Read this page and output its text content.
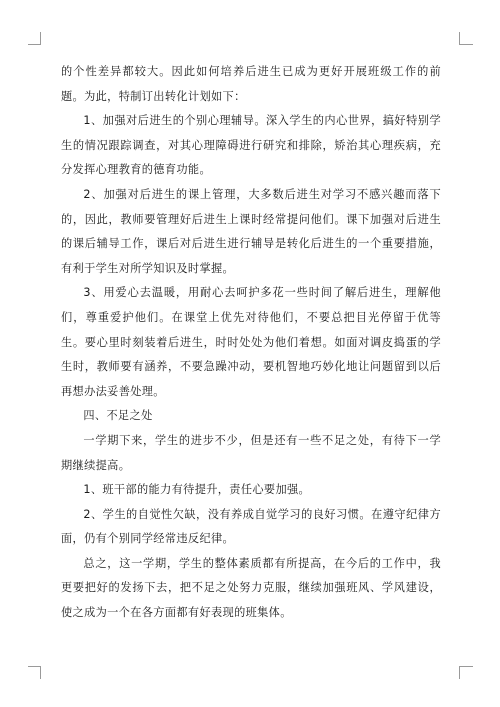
的个性差异都较大。因此如何培养后进生已成为更好开展班级工作的前题。为此，特制订出转化计划如下：

1、加强对后进生的个别心理辅导。深入学生的内心世界，搞好特别学生的情况跟踪调查，对其心理障碍进行研究和排除，矫治其心理疾病，充分发挥心理教育的德育功能。

2、加强对后进生的课上管理，大多数后进生对学习不感兴趣而落下的，因此，教师要管理好后进生上课时经常提问他们。课下加强对后进生的课后辅导工作，课后对后进生进行辅导是转化后进生的一个重要措施，有利于学生对所学知识及时掌握。

3、用爱心去温暖，用耐心去呵护多花一些时间了解后进生，理解他们，尊重爱护他们。在课堂上优先对待他们，不要总把目光停留于优等生。要心里时刻装着后进生，时时处处为他们着想。如面对调皮捣蛋的学生时，教师要有涵养，不要急躁冲动，要机智地巧妙化地让问题留到以后再想办法妥善处理。

四、不足之处

一学期下来，学生的进步不少，但是还有一些不足之处，有待下一学期继续提高。

1、班干部的能力有待提升，责任心要加强。

2、学生的自觉性欠缺，没有养成自觉学习的良好习惯。在遵守纪律方面，仍有个别同学经常违反纪律。

总之，这一学期，学生的整体素质都有所提高，在今后的工作中，我更要把好的发扬下去，把不足之处努力克服，继续加强班风、学风建设，使之成为一个在各方面都有好表现的班集体。
